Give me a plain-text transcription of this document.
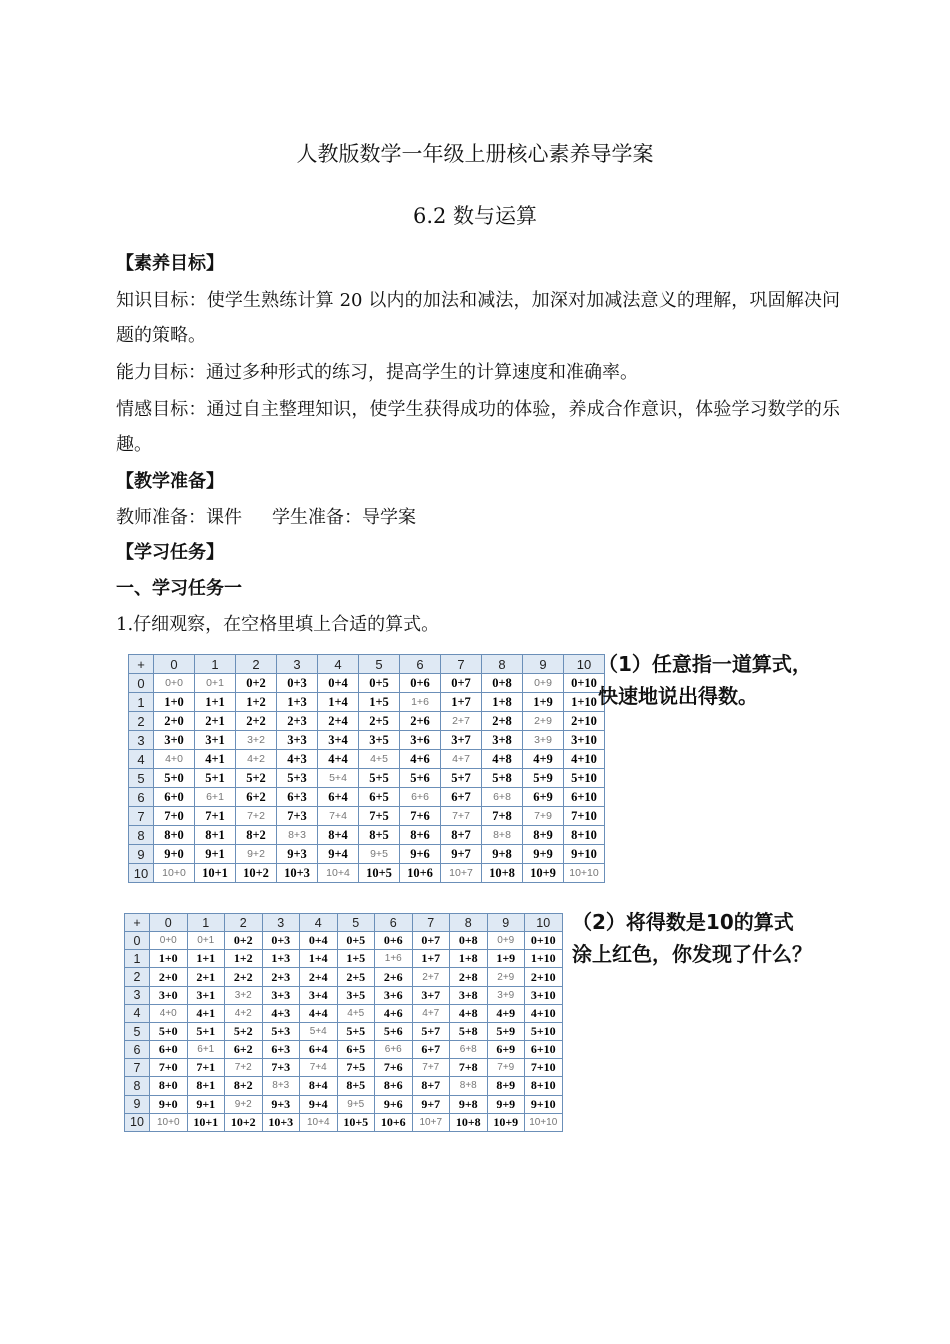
人教版数学一年级上册核心素养导学案
6.2 数与运算
【素养目标】
知识目标：使学生熟练计算 20 以内的加法和减法，加深对加减法意义的理解，巩固解决问题的策略。
能力目标：通过多种形式的练习，提高学生的计算速度和准确率。
情感目标：通过自主整理知识，使学生获得成功的体验，养成合作意识，体验学习数学的乐趣。
【教学准备】
教师准备：课件 学生准备：导学案
【学习任务】
一、学习任务一
1.仔细观察，在空格里填上合适的算式。
+	0	1	2	3	4	5	6	7	8	9	10
0	0+0	0+1	0+2	0+3	0+4	0+5	0+6	0+7	0+8	0+9	0+10
1	1+0	1+1	1+2	1+3	1+4	1+5	1+6	1+7	1+8	1+9	1+10
2	2+0	2+1	2+2	2+3	2+4	2+5	2+6	2+7	2+8	2+9	2+10
3	3+0	3+1	3+2	3+3	3+4	3+5	3+6	3+7	3+8	3+9	3+10
4	4+0	4+1	4+2	4+3	4+4	4+5	4+6	4+7	4+8	4+9	4+10
5	5+0	5+1	5+2	5+3	5+4	5+5	5+6	5+7	5+8	5+9	5+10
6	6+0	6+1	6+2	6+3	6+4	6+5	6+6	6+7	6+8	6+9	6+10
7	7+0	7+1	7+2	7+3	7+4	7+5	7+6	7+7	7+8	7+9	7+10
8	8+0	8+1	8+2	8+3	8+4	8+5	8+6	8+7	8+8	8+9	8+10
9	9+0	9+1	9+2	9+3	9+4	9+5	9+6	9+7	9+8	9+9	9+10
10	10+0	10+1	10+2	10+3	10+4	10+5	10+6	10+7	10+8	10+9	10+10
（1）任意指一道算式，
快速地说出得数。
+	0	1	2	3	4	5	6	7	8	9	10
0	0+0	0+1	0+2	0+3	0+4	0+5	0+6	0+7	0+8	0+9	0+10
1	1+0	1+1	1+2	1+3	1+4	1+5	1+6	1+7	1+8	1+9	1+10
2	2+0	2+1	2+2	2+3	2+4	2+5	2+6	2+7	2+8	2+9	2+10
3	3+0	3+1	3+2	3+3	3+4	3+5	3+6	3+7	3+8	3+9	3+10
4	4+0	4+1	4+2	4+3	4+4	4+5	4+6	4+7	4+8	4+9	4+10
5	5+0	5+1	5+2	5+3	5+4	5+5	5+6	5+7	5+8	5+9	5+10
6	6+0	6+1	6+2	6+3	6+4	6+5	6+6	6+7	6+8	6+9	6+10
7	7+0	7+1	7+2	7+3	7+4	7+5	7+6	7+7	7+8	7+9	7+10
8	8+0	8+1	8+2	8+3	8+4	8+5	8+6	8+7	8+8	8+9	8+10
9	9+0	9+1	9+2	9+3	9+4	9+5	9+6	9+7	9+8	9+9	9+10
10	10+0	10+1	10+2	10+3	10+4	10+5	10+6	10+7	10+8	10+9	10+10
（2）将得数是10的算式
涂上红色，你发现了什么？
